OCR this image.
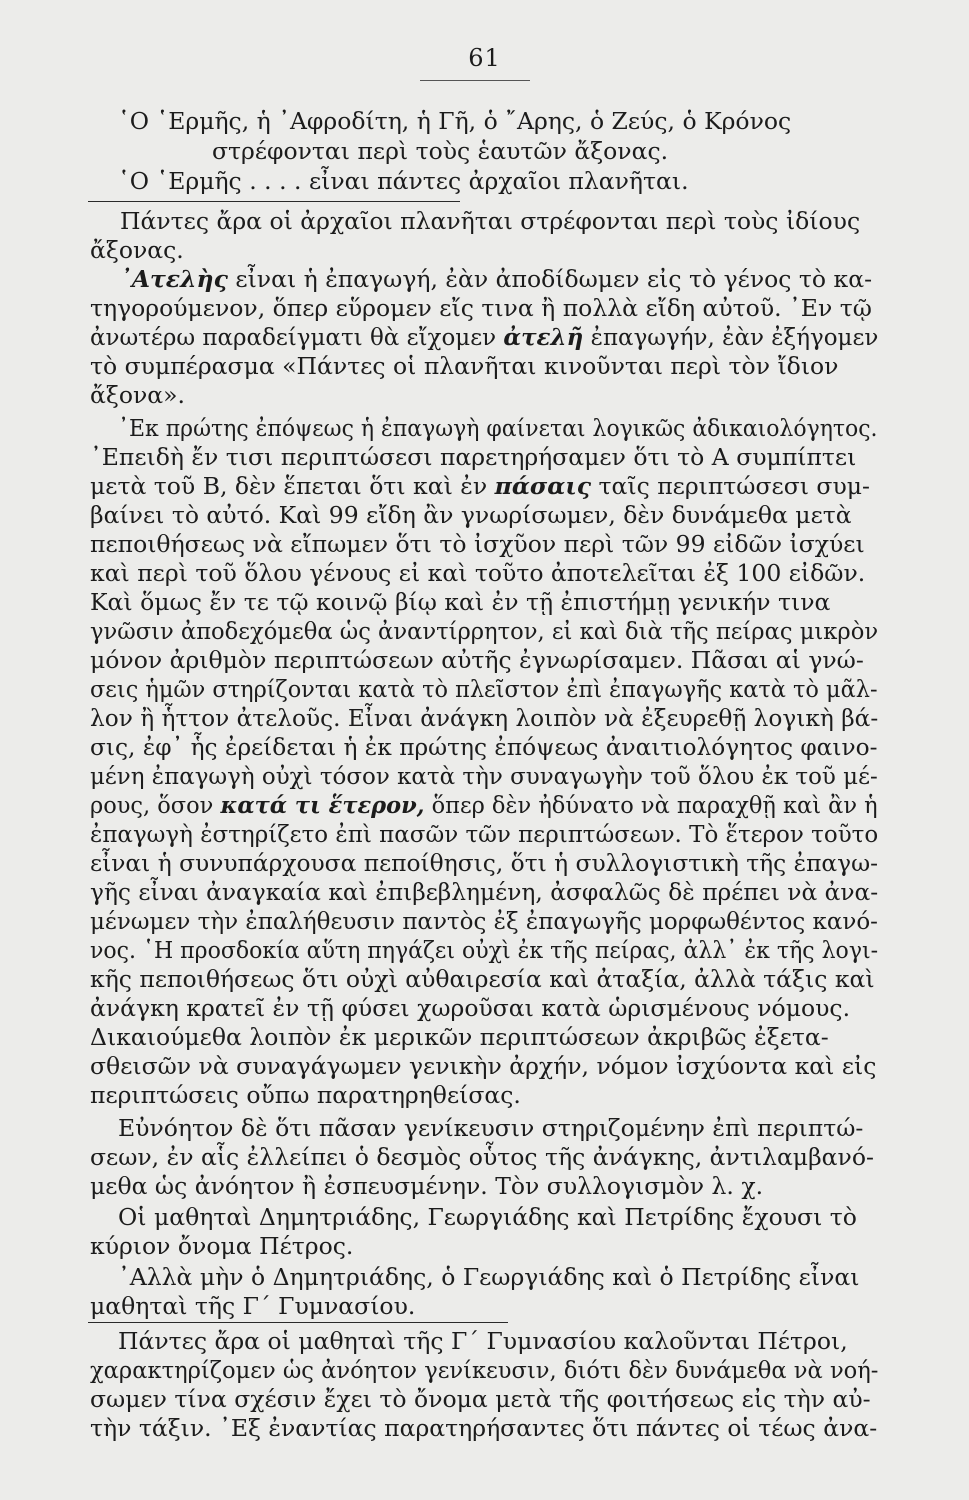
61
῾Ο ῾Ερμῆς, ἡ ᾿Αφροδίτη, ἡ Γῆ, ὁ ῎Αρης, ὁ Ζεύς, ὁ Κρόνος
στρέφονται περὶ τοὺς ἑαυτῶν ἄξονας.
῾Ο ῾Ερμῆς . . . . εἶναι πάντες ἀρχαῖοι πλανῆται.
Πάντες ἄρα οἱ ἀρχαῖοι πλανῆται στρέφονται περὶ τοὺς ἰδίους
ἄξονας.
᾿Ατελὴς εἶναι ἡ ἐπαγωγή, ἐὰν ἀποδίδωμεν εἰς τὸ γένος τὸ κα-
τηγορούμενον, ὅπερ εὕρομεν εἴς τινα ἢ πολλὰ εἴδη αὐτοῦ. ᾿Εν τῷ
ἀνωτέρω παραδείγματι θὰ εἴχομεν ἀτελῆ ἐπαγωγήν, ἐὰν ἐξήγομεν
τὸ συμπέρασμα «Πάντες οἱ πλανῆται κινοῦνται περὶ τὸν ἴδιον
ἄξονα».
᾿Εκ πρώτης ἐπόψεως ἡ ἐπαγωγὴ φαίνεται λογικῶς ἀδικαιολόγητος.
᾿Επειδὴ ἔν τισι περιπτώσεσι παρετηρήσαμεν ὅτι τὸ Α συμπίπτει
μετὰ τοῦ Β, δὲν ἕπεται ὅτι καὶ ἐν πάσαις ταῖς περιπτώσεσι συμ-
βαίνει τὸ αὐτό. Καὶ 99 εἴδη ἂν γνωρίσωμεν, δὲν δυνάμεθα μετὰ
πεποιθήσεως νὰ εἴπωμεν ὅτι τὸ ἰσχῦον περὶ τῶν 99 εἰδῶν ἰσχύει
καὶ περὶ τοῦ ὅλου γένους εἰ καὶ τοῦτο ἀποτελεῖται ἐξ 100 εἰδῶν.
Καὶ ὅμως ἔν τε τῷ κοινῷ βίῳ καὶ ἐν τῇ ἐπιστήμῃ γενικήν τινα
γνῶσιν ἀποδεχόμεθα ὡς ἀναντίρρητον, εἰ καὶ διὰ τῆς πείρας μικρὸν
μόνον ἀριθμὸν περιπτώσεων αὐτῆς ἐγνωρίσαμεν. Πᾶσαι αἱ γνώ-
σεις ἡμῶν στηρίζονται κατὰ τὸ πλεῖστον ἐπὶ ἐπαγωγῆς κατὰ τὸ μᾶλ-
λον ἢ ἧττον ἀτελοῦς. Εἶναι ἀνάγκη λοιπὸν νὰ ἐξευρεθῇ λογικὴ βά-
σις, ἐφ᾿ ἧς ἐρείδεται ἡ ἐκ πρώτης ἐπόψεως ἀναιτιολόγητος φαινο-
μένη ἐπαγωγὴ οὐχὶ τόσον κατὰ τὴν συναγωγὴν τοῦ ὅλου ἐκ τοῦ μέ-
ρους, ὅσον κατά τι ἕτερον, ὅπερ δὲν ἠδύνατο νὰ παραχθῇ καὶ ἂν ἡ
ἐπαγωγὴ ἐστηρίζετο ἐπὶ πασῶν τῶν περιπτώσεων. Τὸ ἕτερον τοῦτο
εἶναι ἡ συνυπάρχουσα πεποίθησις, ὅτι ἡ συλλογιστικὴ τῆς ἐπαγω-
γῆς εἶναι ἀναγκαία καὶ ἐπιβεβλημένη, ἀσφαλῶς δὲ πρέπει νὰ ἀνα-
μένωμεν τὴν ἐπαλήθευσιν παντὸς ἐξ ἐπαγωγῆς μορφωθέντος κανό-
νος. ῾Η προσδοκία αὕτη πηγάζει οὐχὶ ἐκ τῆς πείρας, ἀλλ᾿ ἐκ τῆς λογι-
κῆς πεποιθήσεως ὅτι οὐχὶ αὐθαιρεσία καὶ ἀταξία, ἀλλὰ τάξις καὶ
ἀνάγκη κρατεῖ ἐν τῇ φύσει χωροῦσαι κατὰ ὡρισμένους νόμους.
Δικαιούμεθα λοιπὸν ἐκ μερικῶν περιπτώσεων ἀκριβῶς ἐξετα-
σθεισῶν νὰ συναγάγωμεν γενικὴν ἀρχήν, νόμον ἰσχύοντα καὶ εἰς
περιπτώσεις οὔπω παρατηρηθείσας.
Εὐνόητον δὲ ὅτι πᾶσαν γενίκευσιν στηριζομένην ἐπὶ περιπτώ-
σεων, ἐν αἷς ἐλλείπει ὁ δεσμὸς οὗτος τῆς ἀνάγκης, ἀντιλαμβανό-
μεθα ὡς ἀνόητον ἢ ἐσπευσμένην. Τὸν συλλογισμὸν λ. χ.
Οἱ μαθηταὶ Δημητριάδης, Γεωργιάδης καὶ Πετρίδης ἔχουσι τὸ
κύριον ὄνομα Πέτρος.
᾿Αλλὰ μὴν ὁ Δημητριάδης, ὁ Γεωργιάδης καὶ ὁ Πετρίδης εἶναι
μαθηταὶ τῆς Γ´ Γυμνασίου.
Πάντες ἄρα οἱ μαθηταὶ τῆς Γ´ Γυμνασίου καλοῦνται Πέτροι,
χαρακτηρίζομεν ὡς ἀνόητον γενίκευσιν, διότι δὲν δυνάμεθα νὰ νοή-
σωμεν τίνα σχέσιν ἔχει τὸ ὄνομα μετὰ τῆς φοιτήσεως εἰς τὴν αὐ-
τὴν τάξιν. ᾿Εξ ἐναντίας παρατηρήσαντες ὅτι πάντες οἱ τέως ἀνα-
